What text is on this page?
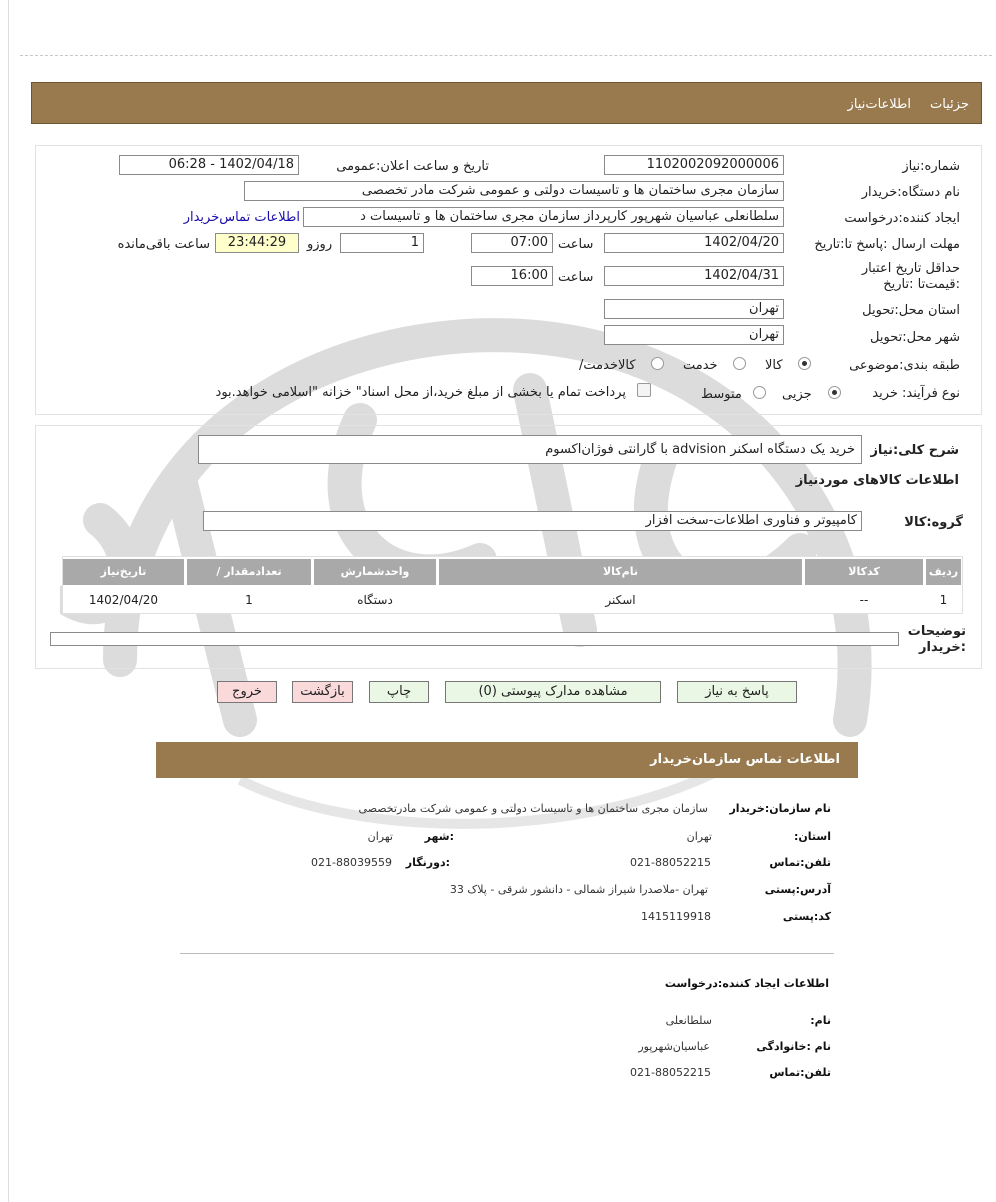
جزئیات
اطلاعات‌نیاز
شماره:نیاز
1102002092000006
تاریخ و ساعت اعلان:عمومی
1402/04/18 - 06:28
نام دستگاه:خریدار
سازمان مجری ساختمان ها و تاسیسات دولتی و عمومی شرکت مادر تخصصی
ایجاد کننده:درخواست
سلطانعلی عباسیان شهرپور کارپرداز سازمان مجری ساختمان ها و تاسیسات د
اطلاعات تماس‌خریدار
مهلت ارسال :پاسخ تا:تاریخ
1402/04/20
ساعت
07:00
1
روزو
23:44:29
ساعت باقی‌مانده
حداقل تاریخ اعتبار :قیمت‌تا :تاریخ
1402/04/31
ساعت
16:00
استان محل:تحویل
تهران
شهر محل:تحویل
تهران
طبقه بندی:موضوعی
کالا
خدمت
/کالاخدمت
نوع فرآیند: خرید
جزیی
متوسط
پرداخت تمام یا بخشی از مبلغ خرید،از محل اسناد" خزانه "اسلامی خواهد.بود
شرح کلی:نیاز
خرید یک دستگاه اسکنر advision با گارانتی فوژان‌اکسوم
اطلاعات کالاهای موردنیاز
گروه:کالا
کامپیوتر و فناوری اطلاعات-سخت افزار
ردیف
کدکالا
نام‌کالا
واحدشمارش
/ تعدادمقدار
تاریخ‌نیاز
1
--
اسکنر
دستگاه
1
1402/04/20
توضیحات :خریدار
پاسخ به نیاز
مشاهده مدارک پیوستی (0)
چاپ
بازگشت
خروج
اطلاعات تماس سازمان‌خریدار
نام سازمان:خریدار
سازمان مجری ساختمان ها و تاسیسات دولتی و عمومی شرکت مادرتخصصی
:استان
تهران
:شهر
تهران
تلفن:تماس
021-88052215
:دورنگار
021-88039559
آدرس:پستی
تهران -ملاصدرا شیراز شمالی - دانشور شرقی - پلاک 33
کد:پستی
1415119918
اطلاعات ایجاد کننده:درخواست
:نام
سلطانعلی
نام :خانوادگی
عباسیان‌شهرپور
تلفن:تماس
021-88052215
